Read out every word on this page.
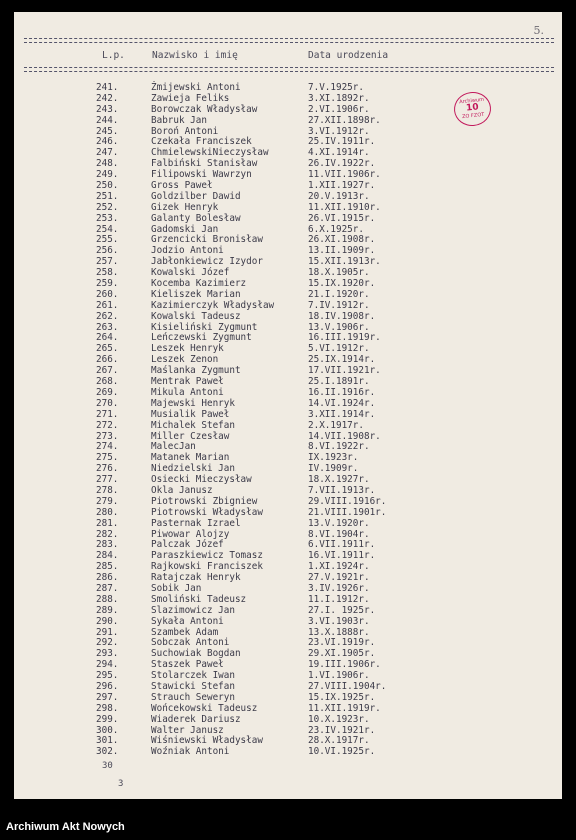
5.
L.p.	Nazwisko i imię	Data urodzenia
Archiwum
10
ZO FZOT
241.	Żmijewski Antoni	7.V.1925r.
242.	Zawieja Feliks	3.XI.1892r.
243.	Borowczak Władysław	2.VI.1906r.
244.	Babruk Jan	27.XII.1898r.
245.	Boroń Antoni	3.VI.1912r.
246.	Czekała Franciszek	25.IV.1911r.
247.	ChmielewskiNieczysław	4.XI.1914r.
248.	Falbiński Stanisław	26.IV.1922r.
249.	Filipowski Wawrzyn	11.VII.1906r.
250.	Gross Paweł	1.XII.1927r.
251.	Goldzilber Dawid	20.V.1913r.
252.	Gizek Henryk	11.XII.1910r.
253.	Galanty Bolesław	26.VI.1915r.
254.	Gadomski Jan	6.X.1925r.
255.	Grzencicki Bronisław	26.XI.1908r.
256.	Jodzio Antoni	13.II.1909r.
257.	Jabłonkiewicz Izydor	15.XII.1913r.
258.	Kowalski Józef	18.X.1905r.
259.	Kocemba Kazimierz	15.IX.1920r.
260.	Kieliszek Marian	21.I.1920r.
261.	Kazimierczyk Władysław	7.IV.1912r.
262.	Kowalski Tadeusz	18.IV.1908r.
263.	Kisieliński Zygmunt	13.V.1906r.
264.	Leńczewski Zygmunt	16.III.1919r.
265.	Leszek Henryk	5.VI.1912r.
266.	Leszek Zenon	25.IX.1914r.
267.	Maślanka Zygmunt	17.VII.1921r.
268.	Mentrak Paweł	25.I.1891r.
269.	Mikula Antoni	16.II.1916r.
270.	Majewski Henryk	14.VI.1924r.
271.	Musialik Paweł	3.XII.1914r.
272.	Michalek Stefan	2.X.1917r.
273.	Miller Czesław	14.VII.1908r.
274.	MalecJan	8.VI.1922r.
275.	Matanek Marian	IX.1923r.
276.	Niedzielski Jan	IV.1909r.
277.	Osiecki Mieczysław	18.X.1927r.
278.	Okla Janusz	7.VII.1913r.
279.	Piotrowski Zbigniew	29.VIII.1916r.
280.	Piotrowski Władysław	21.VIII.1901r.
281.	Pasternak Izrael	13.V.1920r.
282.	Piwowar Alojzy	8.VI.1904r.
283.	Palczak Józef	6.VII.1911r.
284.	Paraszkiewicz Tomasz	16.VI.1911r.
285.	Rajkowski Franciszek	1.XI.1924r.
286.	Ratajczak Henryk	27.V.1921r.
287.	Sobik Jan	3.IV.1926r.
288.	Smoliński Tadeusz	11.I.1912r.
289.	Slazimowicz Jan	27.I. 1925r.
290.	Sykała Antoni	3.VI.1903r.
291.	Szambek Adam	13.X.1888r.
292.	Sobczak Antoni	23.VI.1919r.
293.	Suchowiak Bogdan	29.XI.1905r.
294.	Staszek Paweł	19.III.1906r.
295.	Stolarczek Iwan	1.VI.1906r.
296.	Stawicki Stefan	27.VIII.1904r.
297.	Strauch Seweryn	15.IX.1925r.
298.	Wońcekowski Tadeusz	11.XII.1919r.
299.	Wiaderek Dariusz	10.X.1923r.
300.	Walter Janusz	23.IV.1921r.
301.	Wiśniewski Władysław	28.X.1917r.
302.	Woźniak Antoni	10.VI.1925r.
30
3
Archiwum Akt Nowych
